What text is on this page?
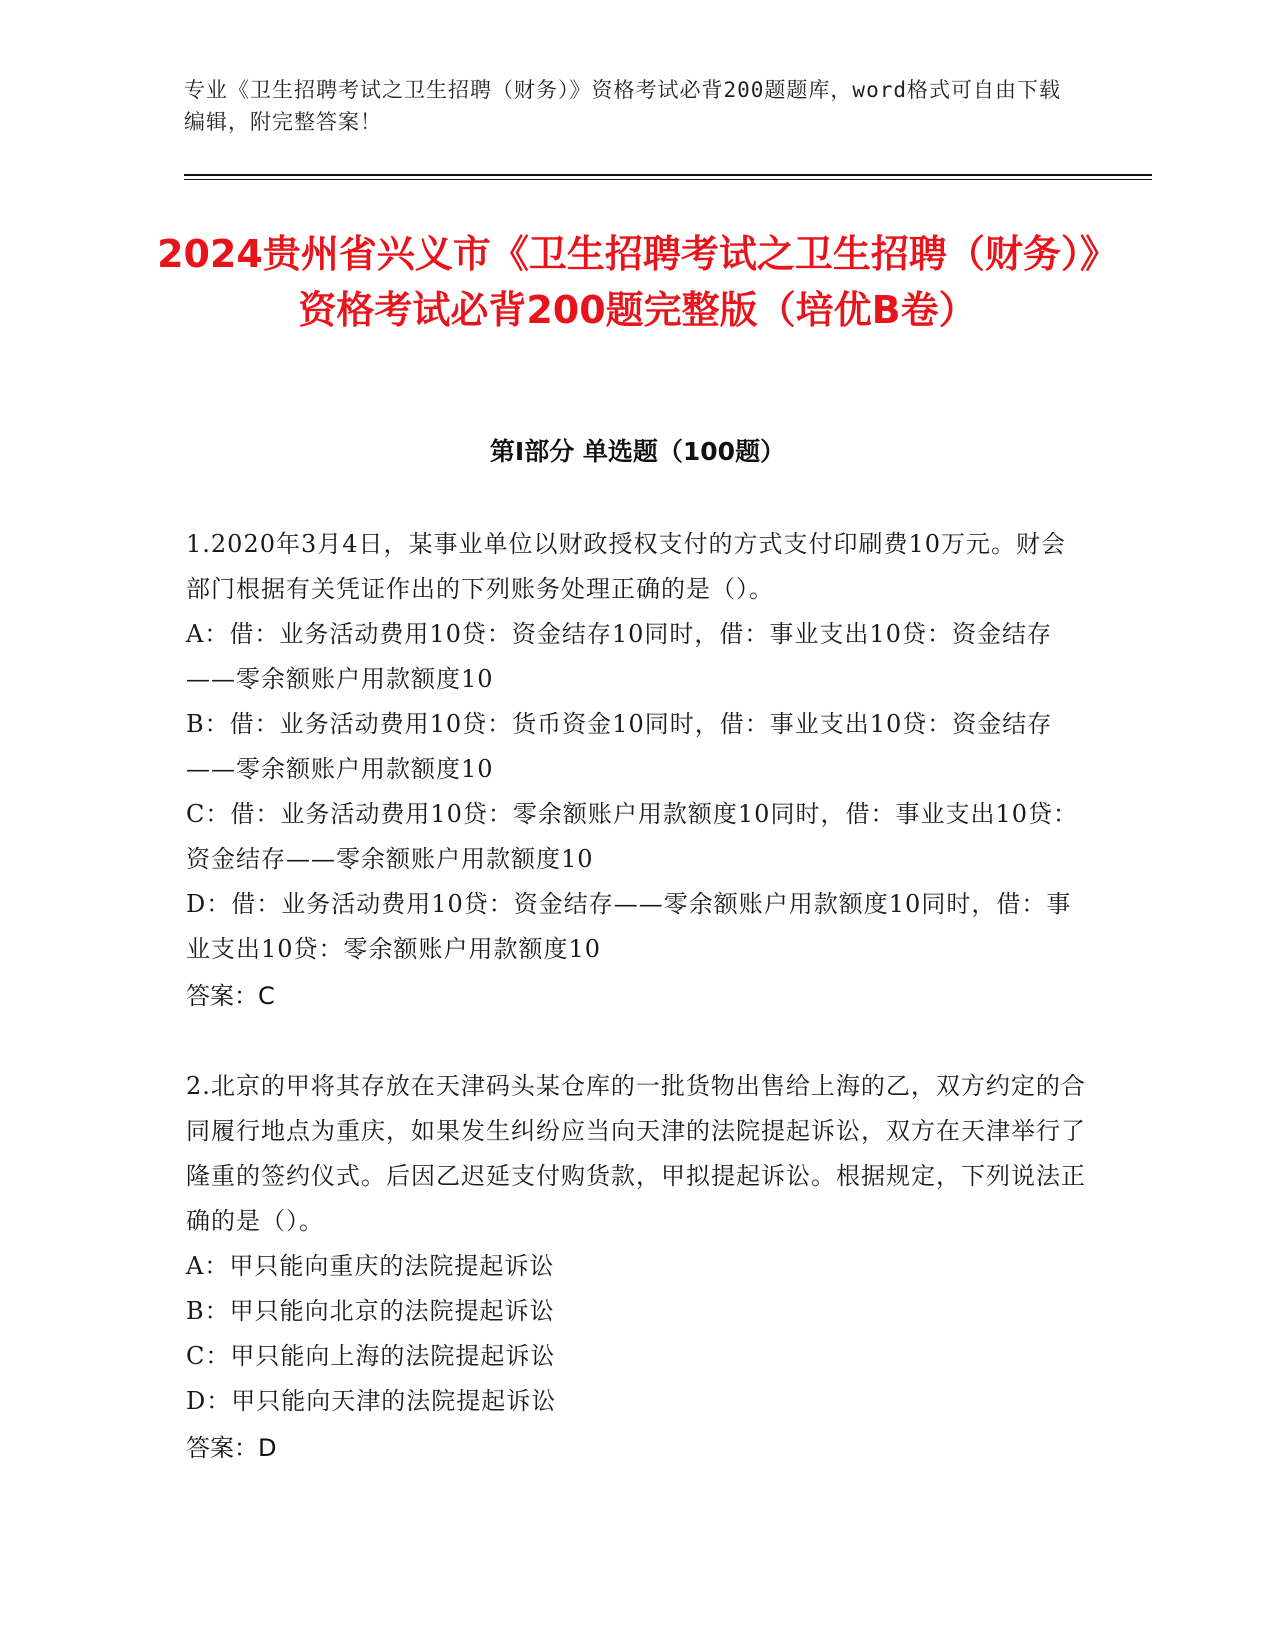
专业《卫生招聘考试之卫生招聘（财务）》资格考试必背200题题库，word格式可自由下载编辑，附完整答案！
2024贵州省兴义市《卫生招聘考试之卫生招聘（财务）》资格考试必背200题完整版（培优B卷）
第I部分 单选题（100题）

1.2020年3月4日，某事业单位以财政授权支付的方式支付印刷费10万元。财会部门根据有关凭证作出的下列账务处理正确的是（）。

A：借：业务活动费用10贷：资金结存10同时，借：事业支出10贷：资金结存——零余额账户用款额度10

B：借：业务活动费用10贷：货币资金10同时，借：事业支出10贷：资金结存——零余额账户用款额度10

C：借：业务活动费用10贷：零余额账户用款额度10同时，借：事业支出10贷：资金结存——零余额账户用款额度10

D：借：业务活动费用10贷：资金结存——零余额账户用款额度10同时，借：事业支出10贷：零余额账户用款额度10

答案：C

2.北京的甲将其存放在天津码头某仓库的一批货物出售给上海的乙，双方约定的合同履行地点为重庆，如果发生纠纷应当向天津的法院提起诉讼，双方在天津举行了隆重的签约仪式。后因乙迟延支付购货款，甲拟提起诉讼。根据规定，下列说法正确的是（）。

A：甲只能向重庆的法院提起诉讼

B：甲只能向北京的法院提起诉讼

C：甲只能向上海的法院提起诉讼

D：甲只能向天津的法院提起诉讼

答案：D
